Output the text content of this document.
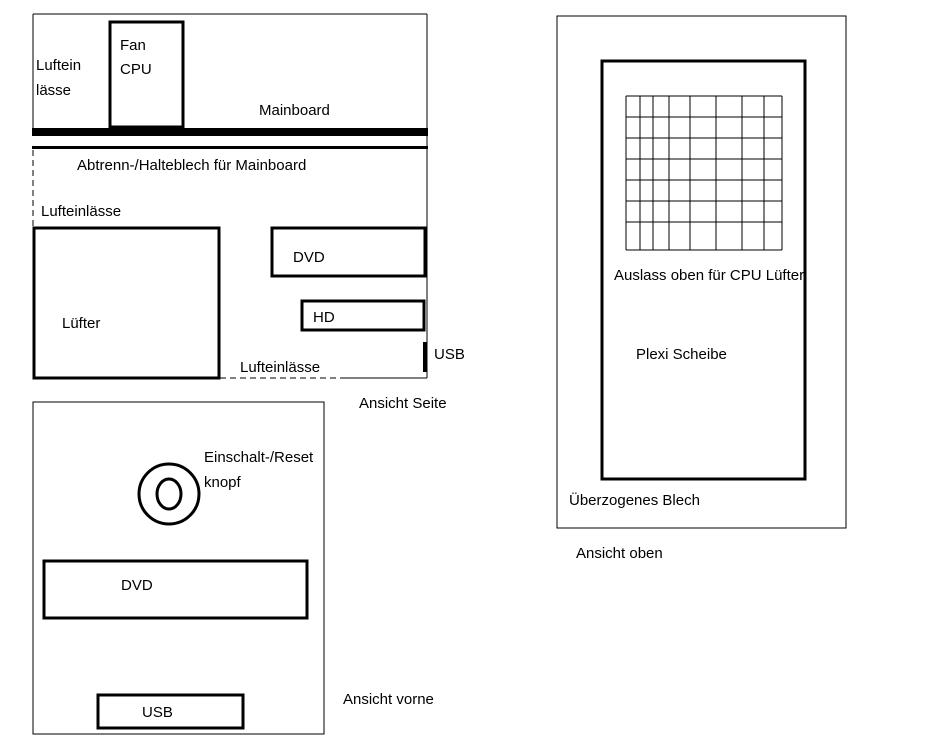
Fan
CPU
Luftein
lässe
Mainboard
Abtrenn-/Halteblech für Mainboard
Lufteinlässe
Lüfter
DVD
HD
USB
Lufteinlässe
Ansicht Seite
Einschalt-/Reset
knopf
DVD
USB
Ansicht vorne
Auslass oben für CPU Lüfter
Plexi Scheibe
Überzogenes Blech
Ansicht oben
